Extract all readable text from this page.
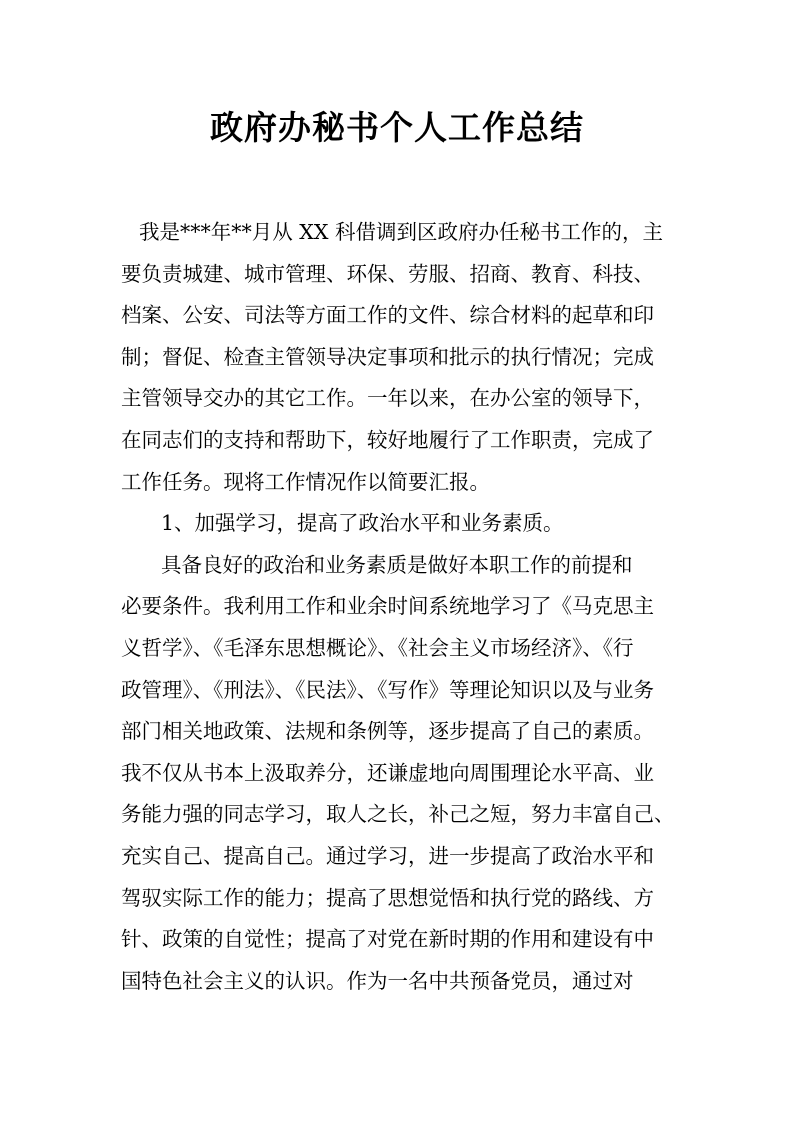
政府办秘书个人工作总结
我是***年**月从 XX 科借调到区政府办任秘书工作的，主
要负责城建、城市管理、环保、劳服、招商、教育、科技、
档案、公安、司法等方面工作的文件、综合材料的起草和印
制；督促、检查主管领导决定事项和批示的执行情况；完成
主管领导交办的其它工作。一年以来，在办公室的领导下，
在同志们的支持和帮助下，较好地履行了工作职责，完成了
工作任务。现将工作情况作以简要汇报。
1、加强学习，提高了政治水平和业务素质。
具备良好的政治和业务素质是做好本职工作的前提和
必要条件。我利用工作和业余时间系统地学习了《马克思主
义哲学》、《毛泽东思想概论》、《社会主义市场经济》、《行
政管理》、《刑法》、《民法》、《写作》等理论知识以及与业务
部门相关地政策、法规和条例等，逐步提高了自己的素质。
我不仅从书本上汲取养分，还谦虚地向周围理论水平高、业
务能力强的同志学习，取人之长，补己之短，努力丰富自己、
充实自己、提高自己。通过学习，进一步提高了政治水平和
驾驭实际工作的能力；提高了思想觉悟和执行党的路线、方
针、政策的自觉性；提高了对党在新时期的作用和建设有中
国特色社会主义的认识。作为一名中共预备党员，通过对
